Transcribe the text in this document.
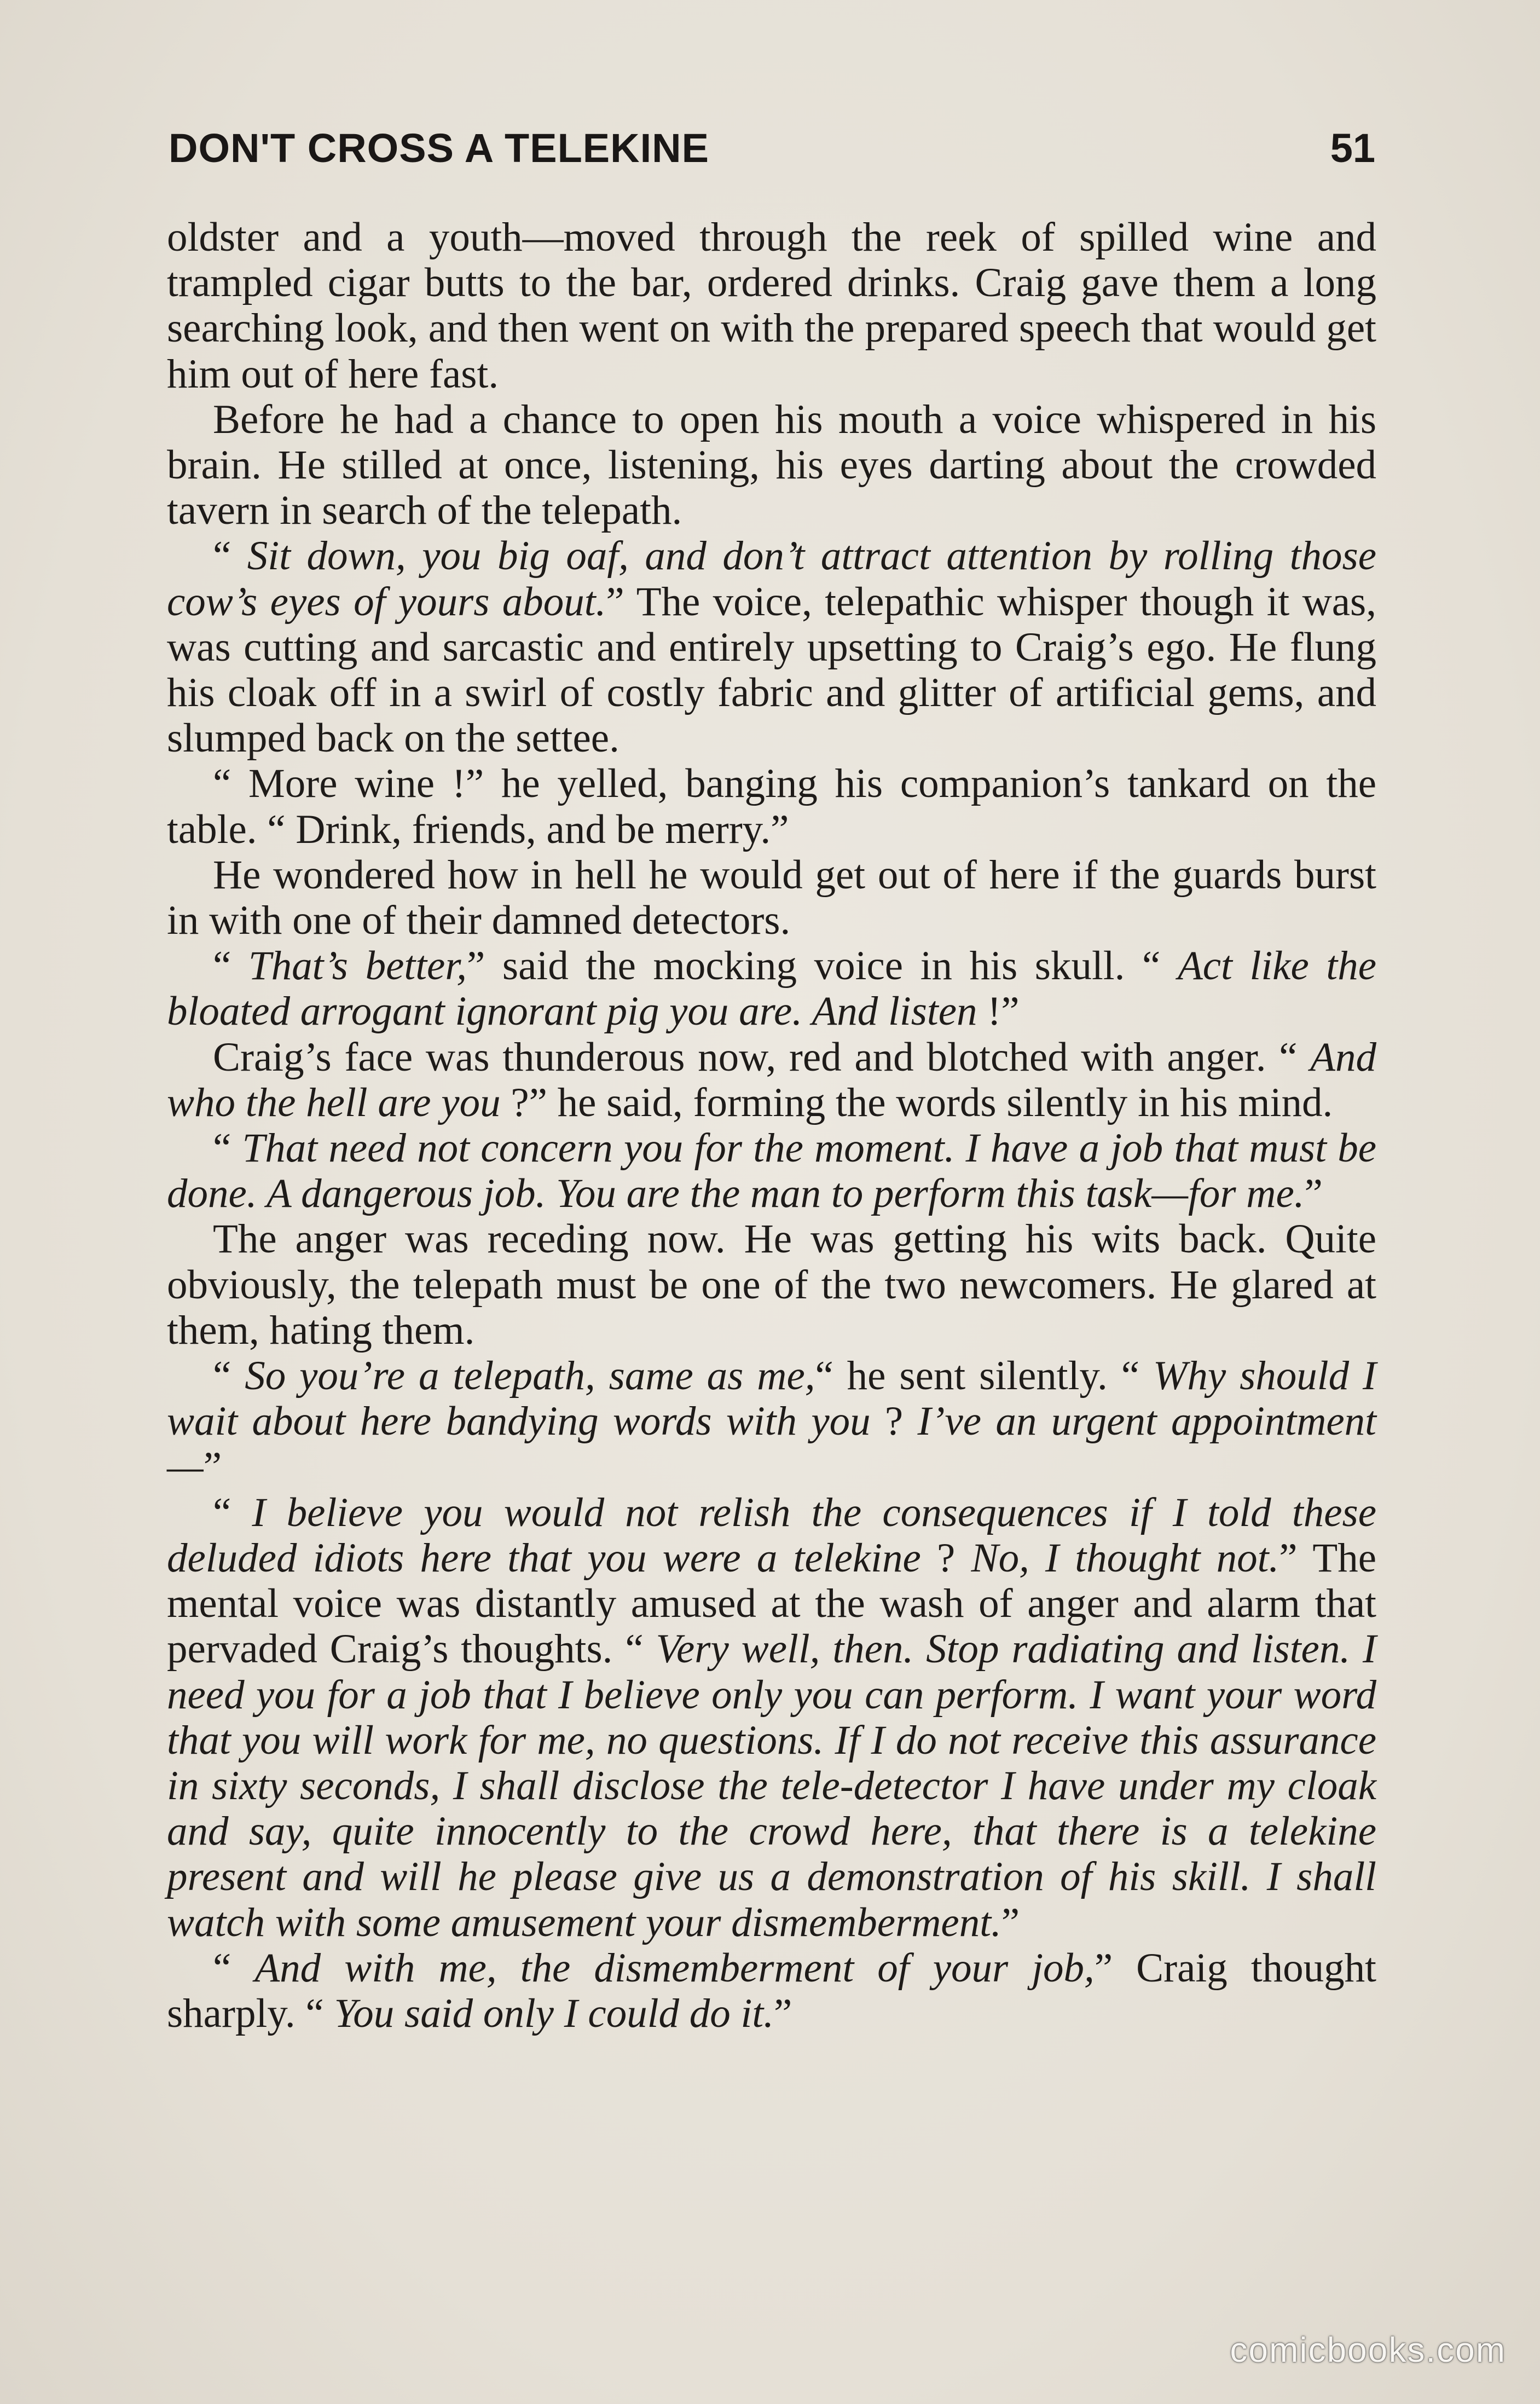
DON'T CROSS A TELEKINE	51

oldster and a youth—moved through the reek of spilled wine and trampled cigar butts to the bar, ordered drinks. Craig gave them a long searching look, and then went on with the prepared speech that would get him out of here fast.

Before he had a chance to open his mouth a voice whispered in his brain. He stilled at once, listening, his eyes darting about the crowded tavern in search of the telepath.

“ Sit down, you big oaf, and don’t attract attention by rolling those cow’s eyes of yours about.” The voice, telepathic whisper though it was, was cutting and sarcastic and entirely upsetting to Craig’s ego. He flung his cloak off in a swirl of costly fabric and glitter of artificial gems, and slumped back on the settee.

“ More wine !” he yelled, banging his companion’s tankard on the table. “ Drink, friends, and be merry.”

He wondered how in hell he would get out of here if the guards burst in with one of their damned detectors.

“ That’s better,” said the mocking voice in his skull. “ Act like the bloated arrogant ignorant pig you are. And listen !”

Craig’s face was thunderous now, red and blotched with anger. “ And who the hell are you ?” he said, forming the words silently in his mind.

“ That need not concern you for the moment. I have a job that must be done. A dangerous job. You are the man to perform this task—for me.”

The anger was receding now. He was getting his wits back. Quite obviously, the telepath must be one of the two newcomers. He glared at them, hating them.

“ So you’re a telepath, same as me,“ he sent silently. “ Why should I wait about here bandying words with you ? I’ve an urgent appointment—”

“ I believe you would not relish the consequences if I told these deluded idiots here that you were a telekine ? No, I thought not.” The mental voice was distantly amused at the wash of anger and alarm that pervaded Craig’s thoughts. “ Very well, then. Stop radiating and listen. I need you for a job that I believe only you can perform. I want your word that you will work for me, no questions. If I do not receive this assurance in sixty seconds, I shall disclose the tele-detector I have under my cloak and say, quite innocently to the crowd here, that there is a telekine present and will he please give us a demonstration of his skill. I shall watch with some amusement your dismemberment.”

“ And with me, the dismemberment of your job,” Craig thought sharply. “ You said only I could do it.”

comicbooks.com
